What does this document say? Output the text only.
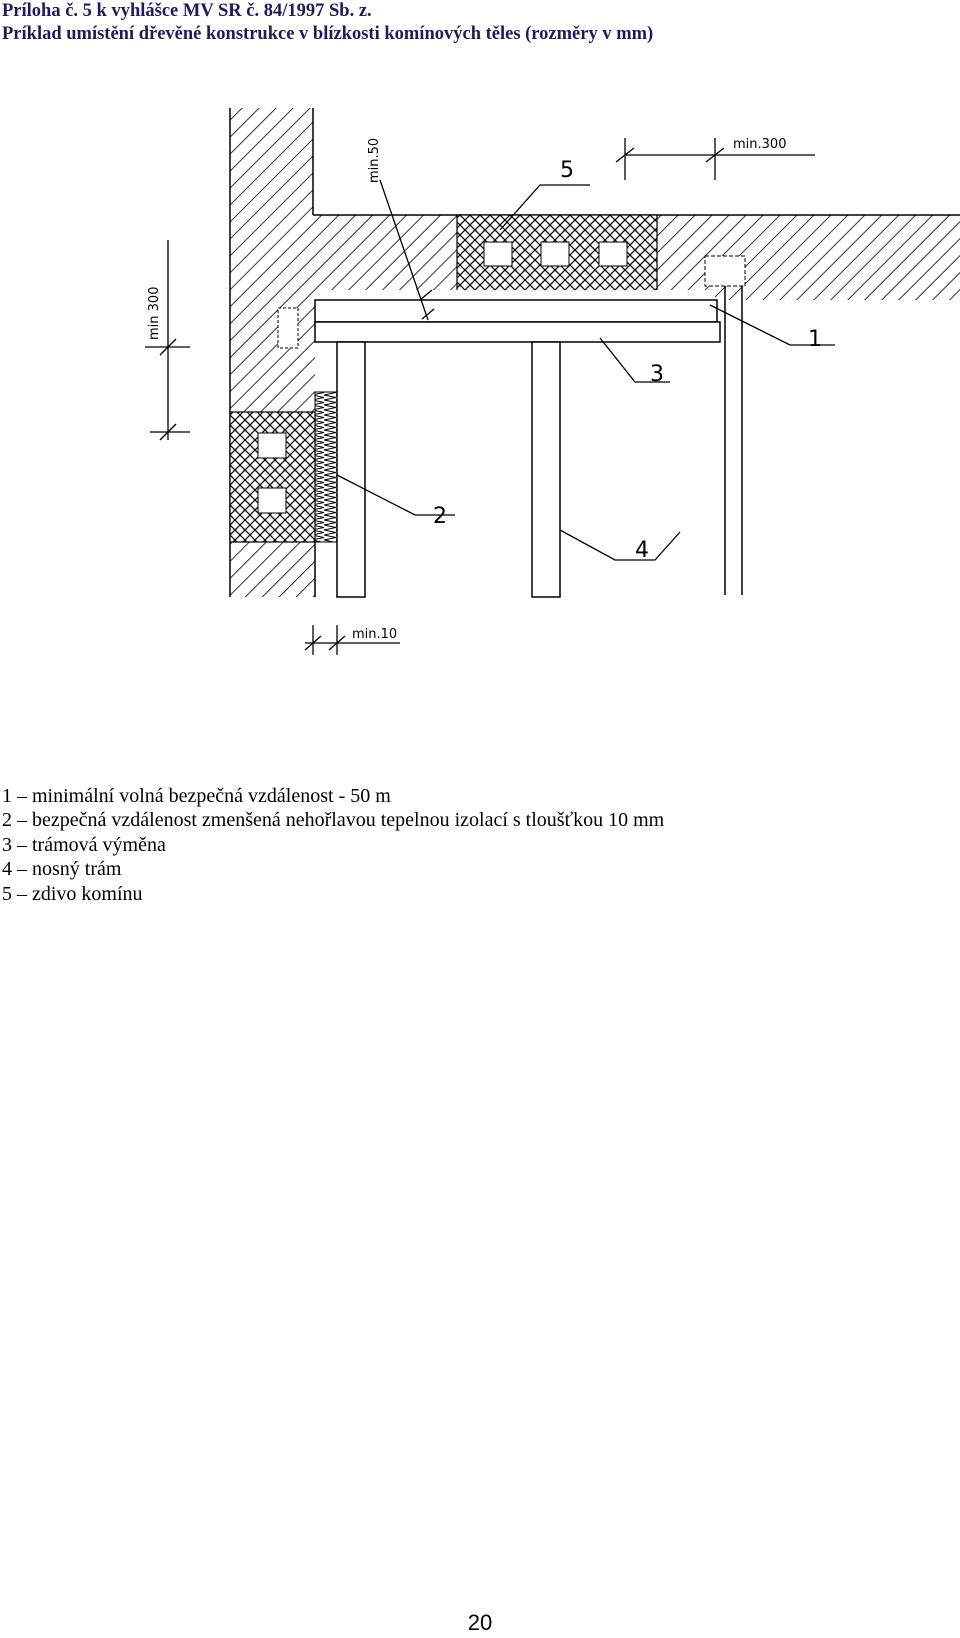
Príloha č. 5 k vyhlášce MV SR č. 84/1997 Sb. z.
Príklad umístění dřevěné konstrukce v blízkosti komínových těles (rozměry v mm)
1
2
3
4
5
min.50	min.300
min 300
min.10
1 – minimální volná bezpečná vzdálenost - 50 m
2 – bezpečná vzdálenost zmenšená nehořlavou tepelnou izolací s tloušťkou 10 mm
3 – trámová výměna
4 – nosný trám
5 – zdivo komínu
20
